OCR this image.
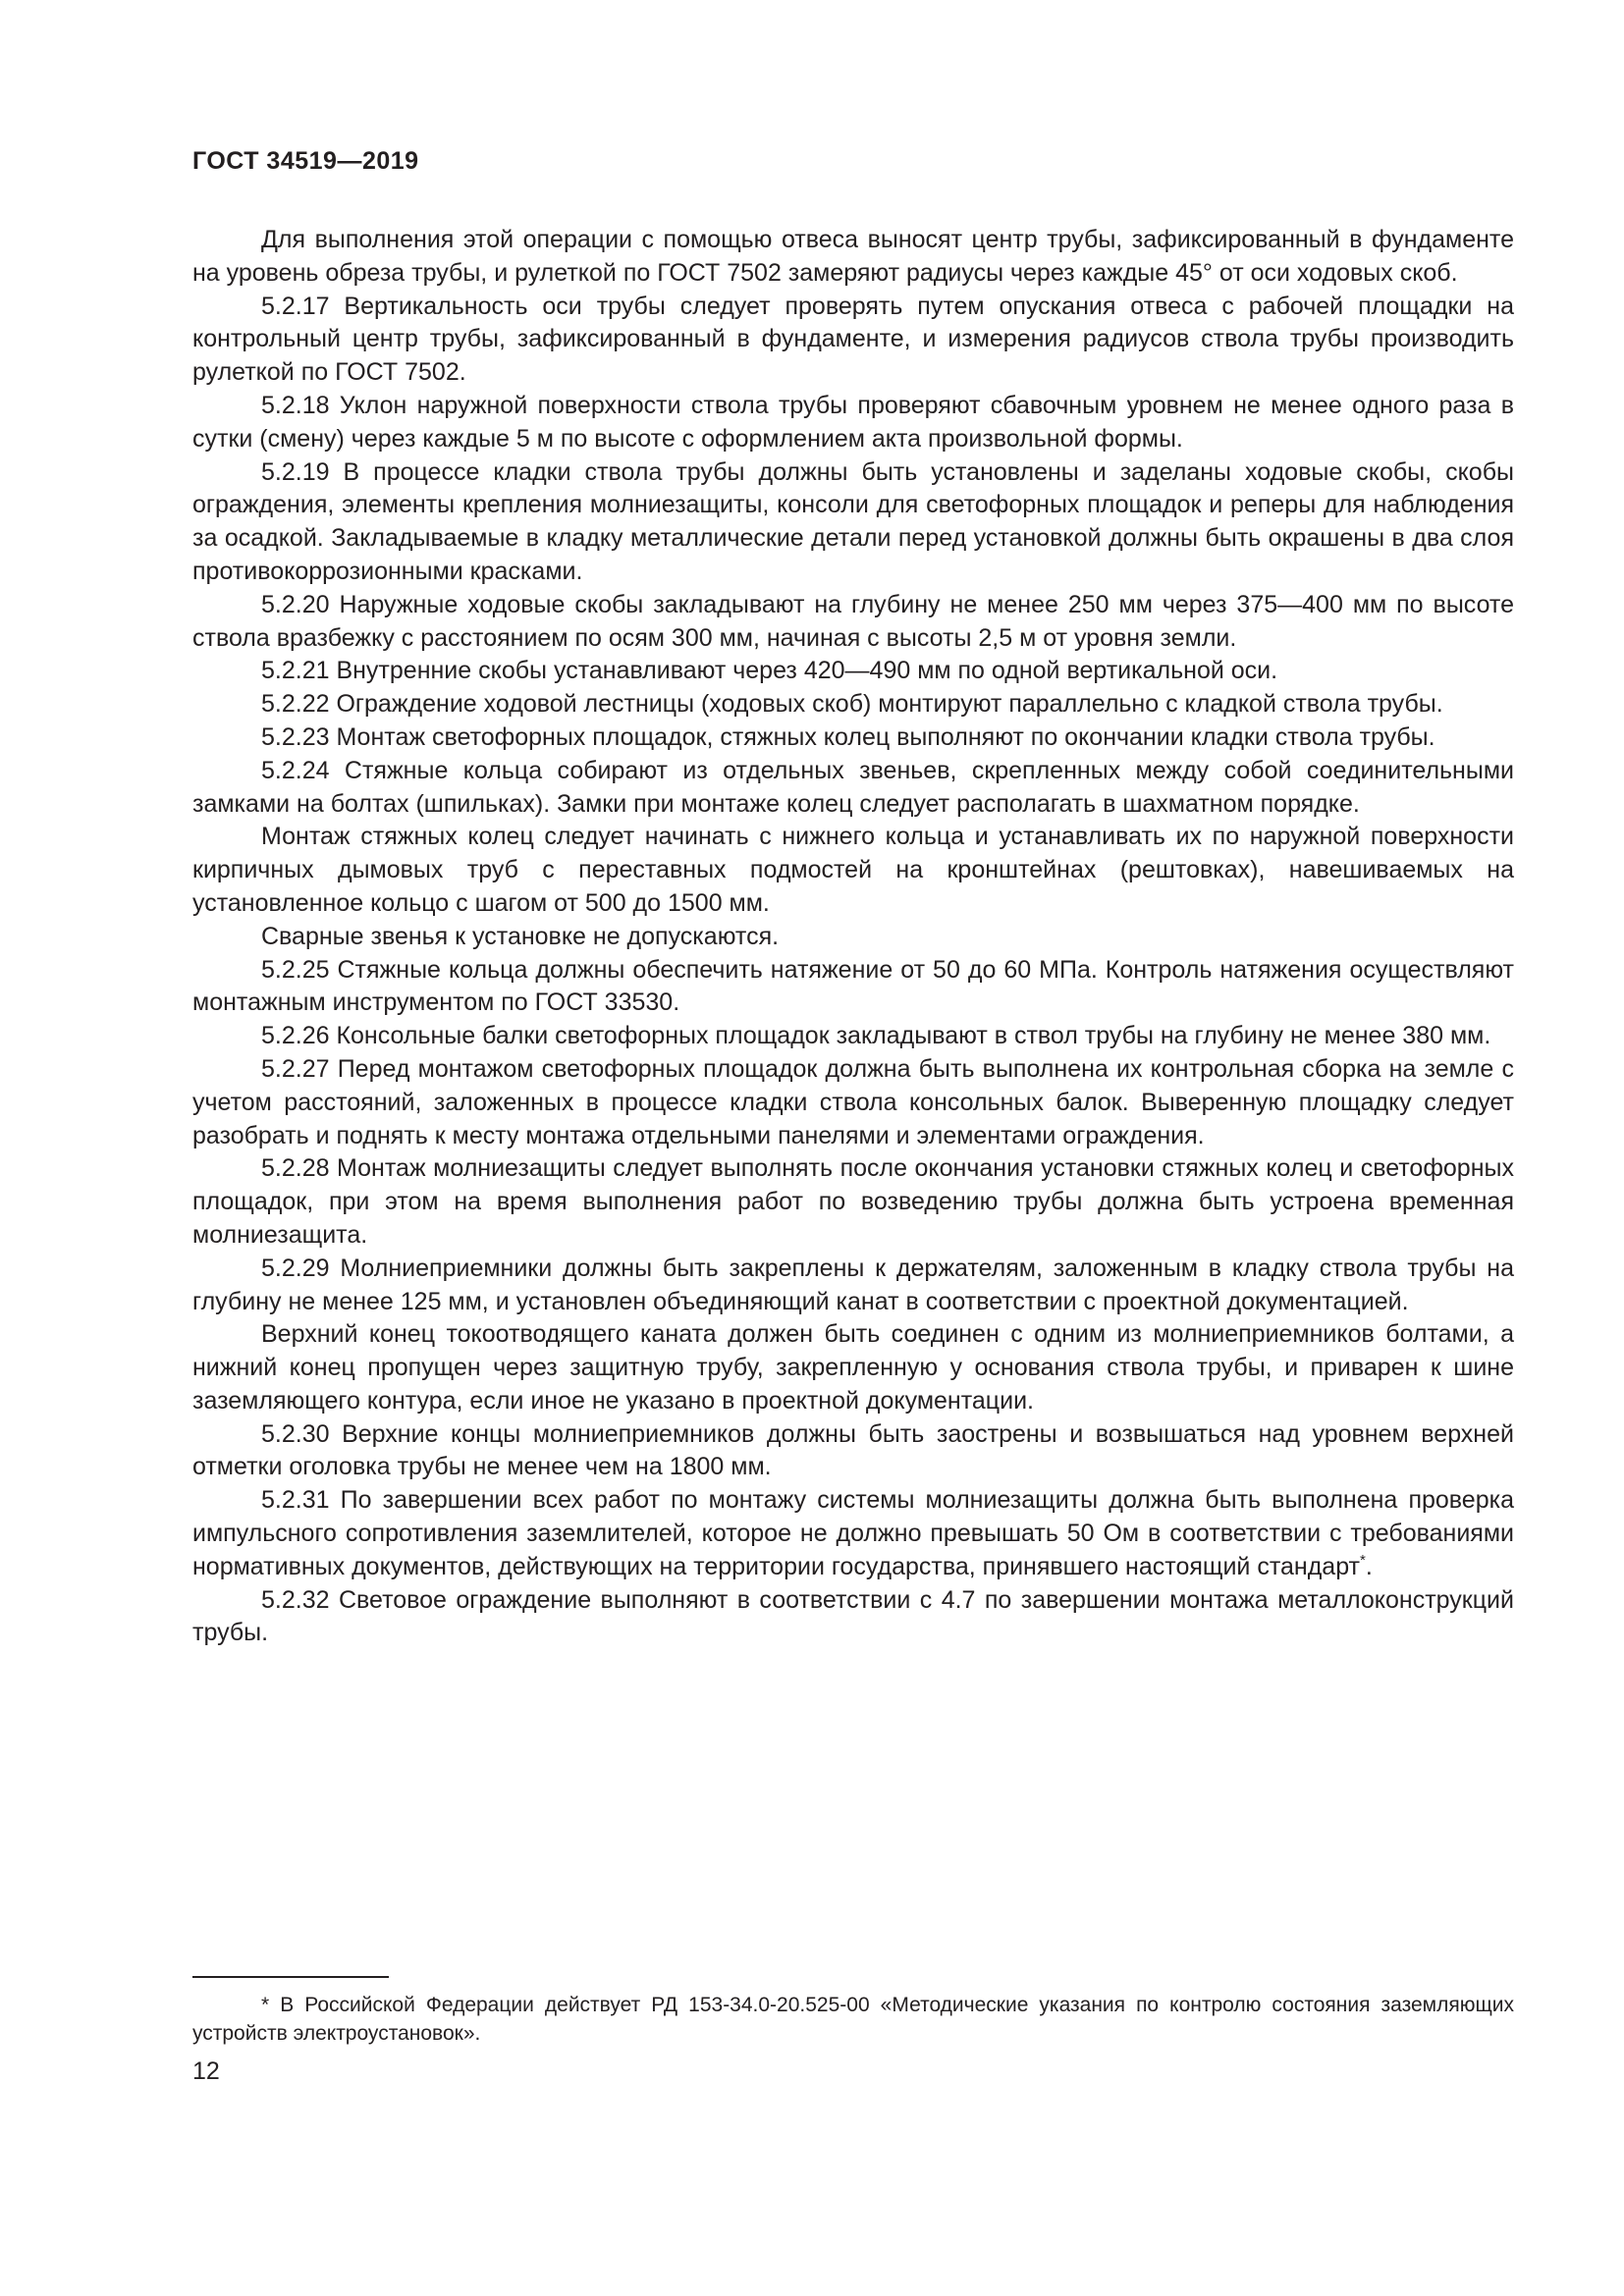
ГОСТ 34519—2019

Для выполнения этой операции с помощью отвеса выносят центр трубы, зафиксированный в фундаменте на уровень обреза трубы, и рулеткой по ГОСТ 7502 замеряют радиусы через каждые 45° от оси ходовых скоб.

5.2.17 Вертикальность оси трубы следует проверять путем опускания отвеса с рабочей площадки на контрольный центр трубы, зафиксированный в фундаменте, и измерения радиусов ствола трубы производить рулеткой по ГОСТ 7502.

5.2.18 Уклон наружной поверхности ствола трубы проверяют сбавочным уровнем не менее одного раза в сутки (смену) через каждые 5 м по высоте с оформлением акта произвольной формы.

5.2.19 В процессе кладки ствола трубы должны быть установлены и заделаны ходовые скобы, скобы ограждения, элементы крепления молниезащиты, консоли для светофорных площадок и реперы для наблюдения за осадкой. Закладываемые в кладку металлические детали перед установкой должны быть окрашены в два слоя противокоррозионными красками.

5.2.20 Наружные ходовые скобы закладывают на глубину не менее 250 мм через 375—400 мм по высоте ствола вразбежку с расстоянием по осям 300 мм, начиная с высоты 2,5 м от уровня земли.

5.2.21 Внутренние скобы устанавливают через 420—490 мм по одной вертикальной оси.

5.2.22 Ограждение ходовой лестницы (ходовых скоб) монтируют параллельно с кладкой ствола трубы.

5.2.23 Монтаж светофорных площадок, стяжных колец выполняют по окончании кладки ствола трубы.

5.2.24 Стяжные кольца собирают из отдельных звеньев, скрепленных между собой соединительными замками на болтах (шпильках). Замки при монтаже колец следует располагать в шахматном порядке.

Монтаж стяжных колец следует начинать с нижнего кольца и устанавливать их по наружной поверхности кирпичных дымовых труб с переставных подмостей на кронштейнах (рештовках), навешиваемых на установленное кольцо с шагом от 500 до 1500 мм.

Сварные звенья к установке не допускаются.

5.2.25 Стяжные кольца должны обеспечить натяжение от 50 до 60 МПа. Контроль натяжения осуществляют монтажным инструментом по ГОСТ 33530.

5.2.26 Консольные балки светофорных площадок закладывают в ствол трубы на глубину не менее 380 мм.

5.2.27 Перед монтажом светофорных площадок должна быть выполнена их контрольная сборка на земле с учетом расстояний, заложенных в процессе кладки ствола консольных балок. Выверенную площадку следует разобрать и поднять к месту монтажа отдельными панелями и элементами ограждения.

5.2.28 Монтаж молниезащиты следует выполнять после окончания установки стяжных колец и светофорных площадок, при этом на время выполнения работ по возведению трубы должна быть устроена временная молниезащита.

5.2.29 Молниеприемники должны быть закреплены к держателям, заложенным в кладку ствола трубы на глубину не менее 125 мм, и установлен объединяющий канат в соответствии с проектной документацией.

Верхний конец токоотводящего каната должен быть соединен с одним из молниеприемников болтами, а нижний конец пропущен через защитную трубу, закрепленную у основания ствола трубы, и приварен к шине заземляющего контура, если иное не указано в проектной документации.

5.2.30 Верхние концы молниеприемников должны быть заострены и возвышаться над уровнем верхней отметки оголовка трубы не менее чем на 1800 мм.

5.2.31 По завершении всех работ по монтажу системы молниезащиты должна быть выполнена проверка импульсного сопротивления заземлителей, которое не должно превышать 50 Ом в соответствии с требованиями нормативных документов, действующих на территории государства, принявшего настоящий стандарт*.

5.2.32 Световое ограждение выполняют в соответствии с 4.7 по завершении монтажа металлоконструкций трубы.

* В Российской Федерации действует РД 153-34.0-20.525-00 «Методические указания по контролю состояния заземляющих устройств электроустановок».

12
